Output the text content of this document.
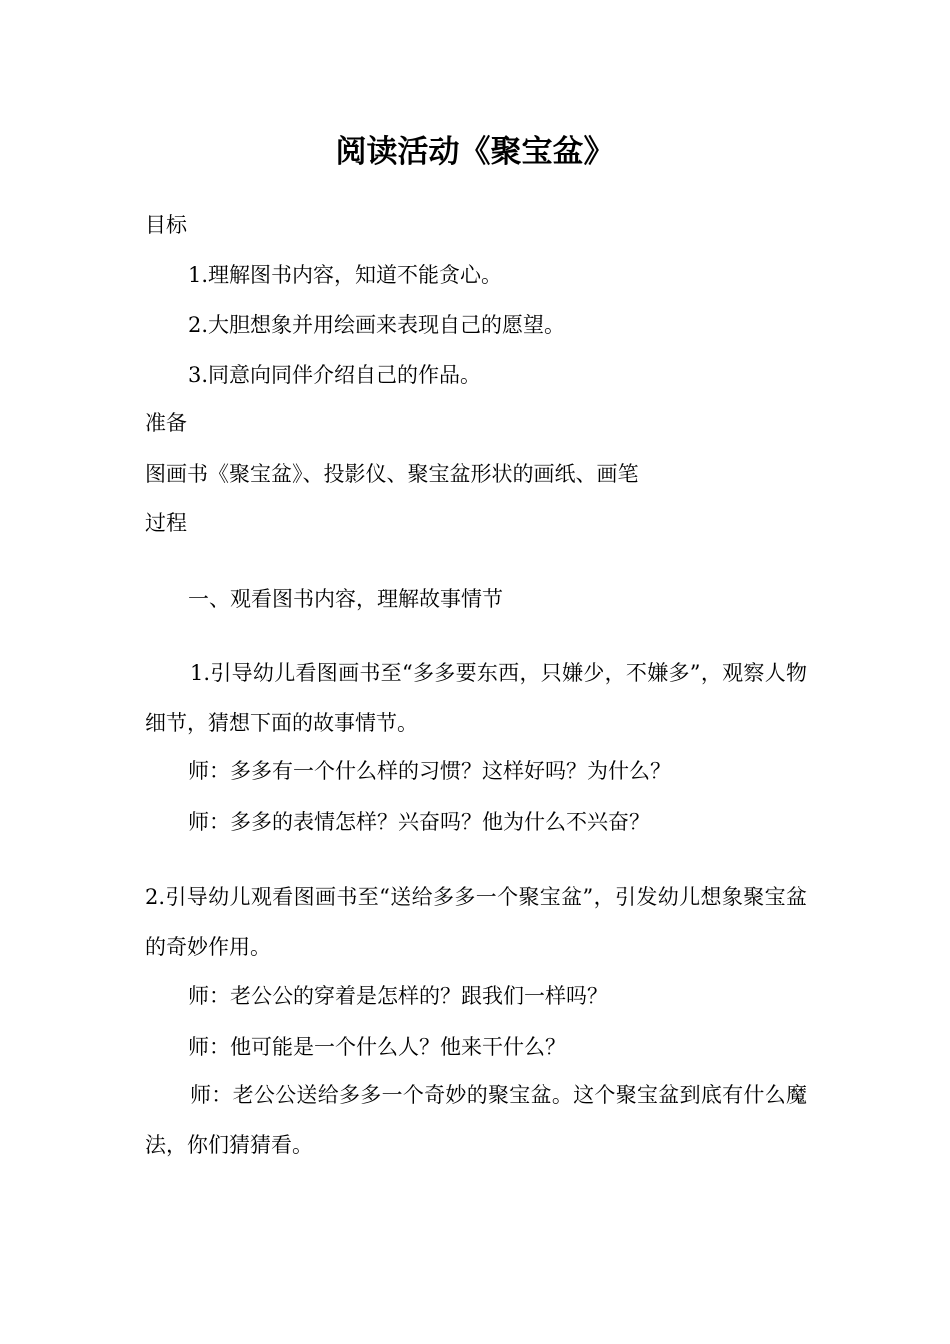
阅读活动《聚宝盆》
目标
1.理解图书内容，知道不能贪心。
2.大胆想象并用绘画来表现自己的愿望。
3.同意向同伴介绍自己的作品。
准备
图画书《聚宝盆》、投影仪、聚宝盆形状的画纸、画笔
过程
一、观看图书内容，理解故事情节
1.引导幼儿看图画书至“多多要东西，只嫌少，不嫌多”，观察人物细节，猜想下面的故事情节。
师：多多有一个什么样的习惯？这样好吗？为什么？
师：多多的表情怎样？兴奋吗？他为什么不兴奋？
2.引导幼儿观看图画书至“送给多多一个聚宝盆”，引发幼儿想象聚宝盆的奇妙作用。
师：老公公的穿着是怎样的？跟我们一样吗？
师：他可能是一个什么人？他来干什么？
师：老公公送给多多一个奇妙的聚宝盆。这个聚宝盆到底有什么魔法，你们猜猜看。
